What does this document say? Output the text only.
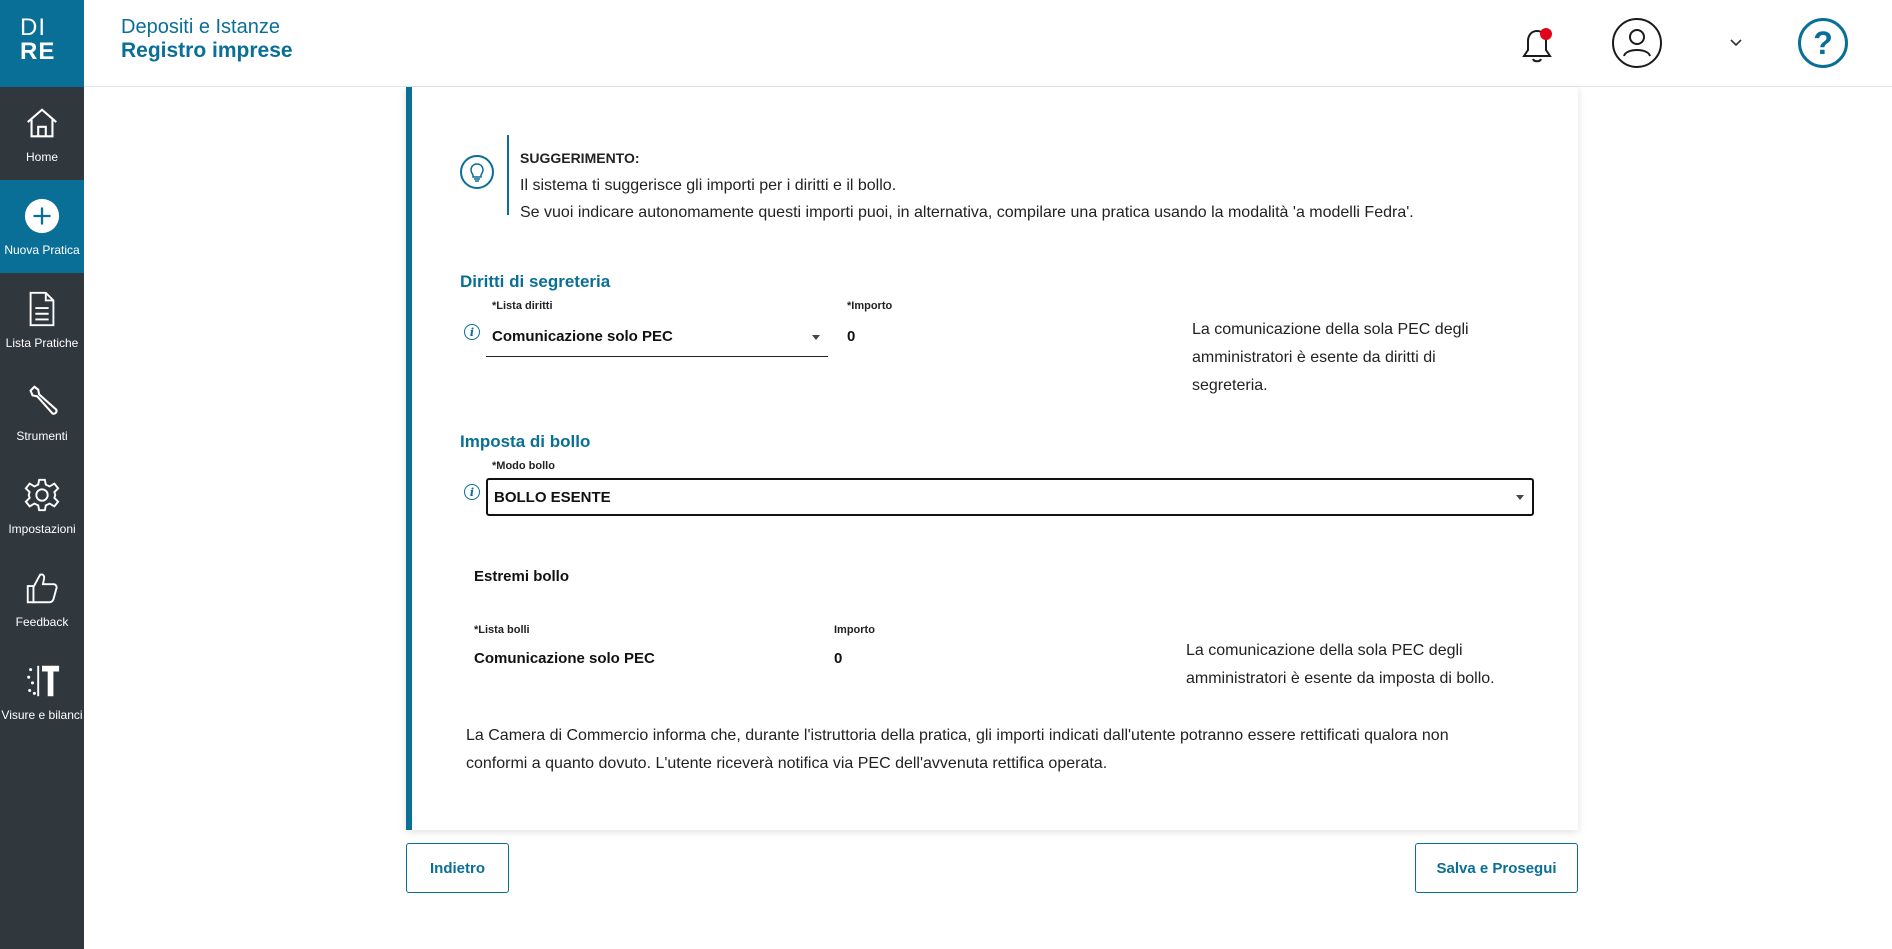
DI
RE
Home
Nuova Pratica
Lista Pratiche
Strumenti
Impostazioni
Feedback
Visure e bilanci
Depositi e Istanze
Registro imprese	?
SUGGERIMENTO:
Il sistema ti suggerisce gli importi per i diritti e il bollo.
Se vuoi indicare autonomamente questi importi puoi, in alternativa, compilare una pratica usando la modalità 'a modelli Fedra'.
Diritti di segreteria
*Lista diritti
i	Comunicazione solo PEC
*Importo
0	La comunicazione della sola PEC degli
amministratori è esente da diritti di
segreteria.
Imposta di bollo
*Modo bollo
i	BOLLO ESENTE
Estremi bollo
*Lista bolli
Comunicazione solo PEC
Importo
0	La comunicazione della sola PEC degli
amministratori è esente da imposta di bollo.
La Camera di Commercio informa che, durante l'istruttoria della pratica, gli importi indicati dall'utente potranno essere rettificati qualora non
conformi a quanto dovuto. L'utente riceverà notifica via PEC dell'avvenuta rettifica operata.
Indietro	Salva e Prosegui
